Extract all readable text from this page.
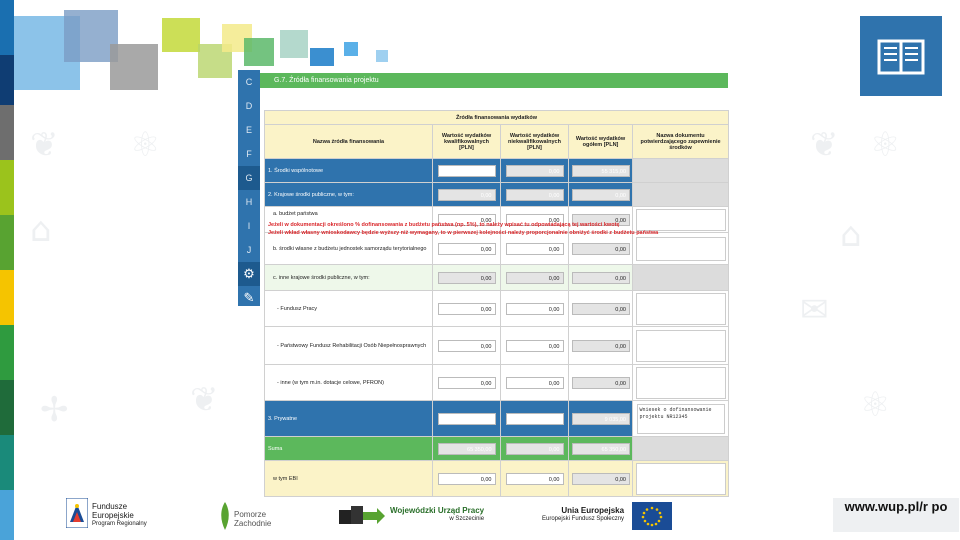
❦ ⚛	❦ ⚛
⌂	⌂
✉
❦	⚛
✢
C
D
E
F
G
H
I
J
⚙
✎
G.7. Źródła finansowania projektu
Źródła finansowania wydatków				
Nazwa źródła finansowania	Wartość wydatków kwalifikowalnych [PLN]	Wartość wydatków niekwalifikowalnych [PLN]	Wartość wydatków ogółem [PLN]	Nazwa dokumentu potwierdzającego zapewnienie środków
1. Środki wspólnotowe	55 315,00	0,00	55 315,00	

2. Krajowe środki publiczne, w tym:	0,00	0,00	0,00	

a. budżet państwa	0,00	0,00	0,00	

b. środki własne z budżetu jednostek samorządu terytorialnego	0,00	0,00	0,00	

c. inne krajowe środki publiczne, w tym:	0,00	0,00	0,00	

- Fundusz Pracy	0,00	0,00	0,00	

- Państwowy Fundusz Rehabilitacji Osób Niepełnosprawnych	0,00	0,00	0,00	

- inne (w tym m.in. dotacje celowe, PFRON)	0,00	0,00	0,00	

3. Prywatne	9 035,00	0,00	9 035,00	Wniesek o dofinansowanie projektu NR12345

Suma	65 350,00	0,00	65 350,00	

w tym EBI	0,00	0,00	0,00	

Jeżeli w dokumentacji określono % dofinansowania z budżetu państwa (np. 5%), to należy wpisać tu odpowiadającą tej wartości kwotę
Jeżeli wkład własny wnioskodawcy będzie wyższy niż wymagany, to w pierwszej kolejności należy proporcjonalnie obniżyć środki z budżetu państwa
Fundusze
Europejskie
Program Regionalny
Pomorze
Zachodnie
Wojewódzki Urząd Pracy
w Szczecinie
Unia Europejska
Europejski Fundusz Społeczny
www.wup.pl/r po
